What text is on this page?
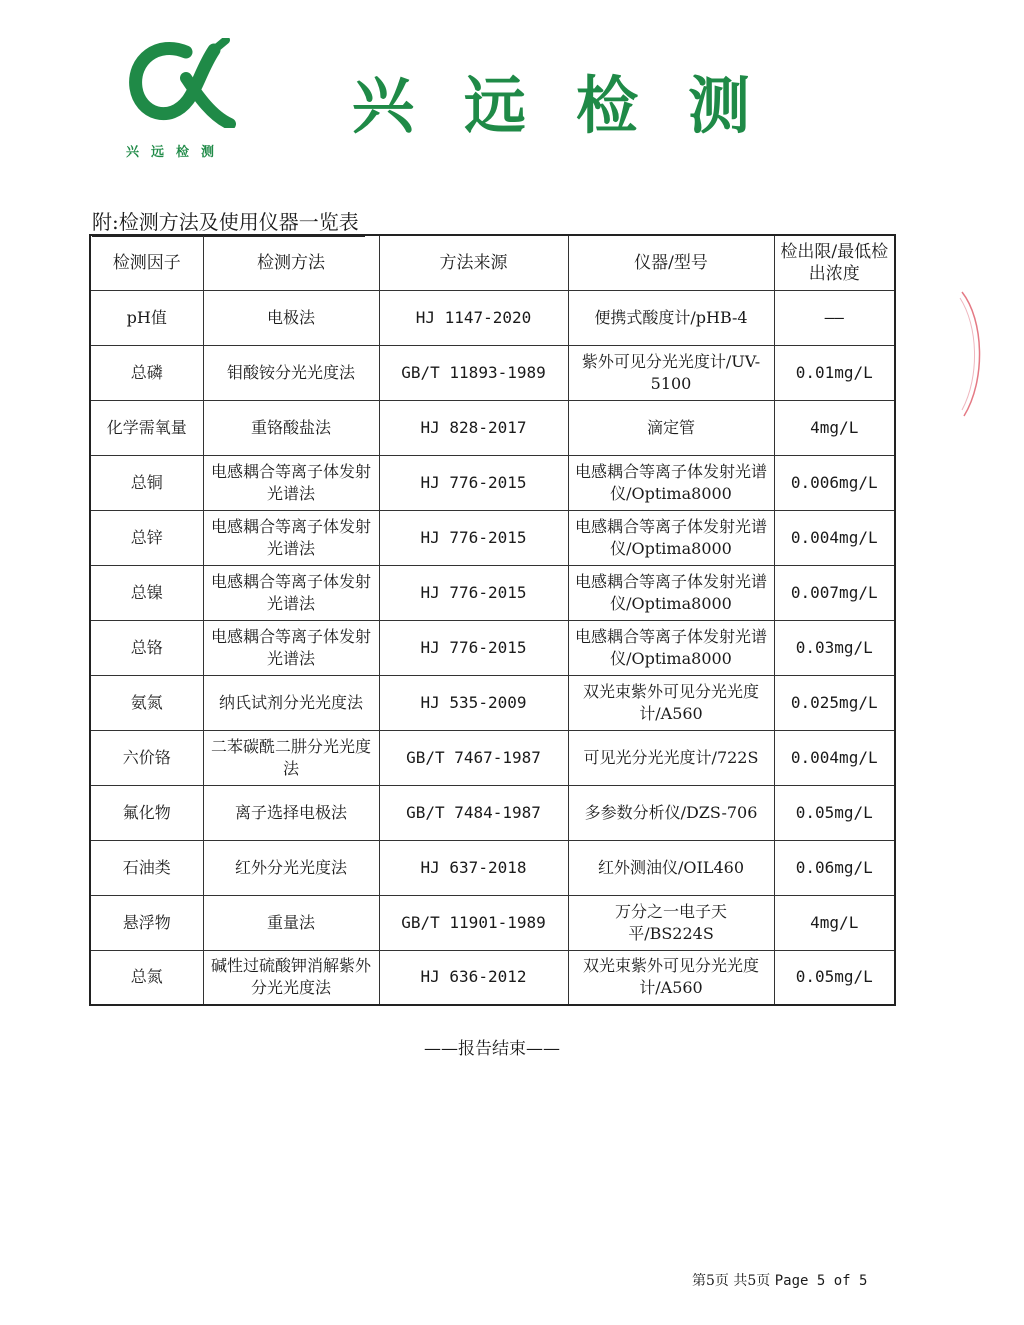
兴远检测
兴远检测
附:检测方法及使用仪器一览表
检测因子	检测方法	方法来源	仪器/型号	检出限/最低检出浓度
pH值	电极法	HJ 1147-2020	便携式酸度计/pHB-4	——
总磷	钼酸铵分光光度法	GB/T 11893-1989	紫外可见分光光度计/UV-5100	0.01mg/L
化学需氧量	重铬酸盐法	HJ 828-2017	滴定管	4mg/L
总铜	电感耦合等离子体发射光谱法	HJ 776-2015	电感耦合等离子体发射光谱仪/Optima8000	0.006mg/L
总锌	电感耦合等离子体发射光谱法	HJ 776-2015	电感耦合等离子体发射光谱仪/Optima8000	0.004mg/L
总镍	电感耦合等离子体发射光谱法	HJ 776-2015	电感耦合等离子体发射光谱仪/Optima8000	0.007mg/L
总铬	电感耦合等离子体发射光谱法	HJ 776-2015	电感耦合等离子体发射光谱仪/Optima8000	0.03mg/L
氨氮	纳氏试剂分光光度法	HJ 535-2009	双光束紫外可见分光光度计/A560	0.025mg/L
六价铬	二苯碳酰二肼分光光度法	GB/T 7467-1987	可见光分光光度计/722S	0.004mg/L
氟化物	离子选择电极法	GB/T 7484-1987	多参数分析仪/DZS-706	0.05mg/L
石油类	红外分光光度法	HJ 637-2018	红外测油仪/OIL460	0.06mg/L
悬浮物	重量法	GB/T 11901-1989	万分之一电子天平/BS224S	4mg/L
总氮	碱性过硫酸钾消解紫外分光光度法	HJ 636-2012	双光束紫外可见分光光度计/A560	0.05mg/L
——报告结束——
第5页 共5页 Page 5 of 5
